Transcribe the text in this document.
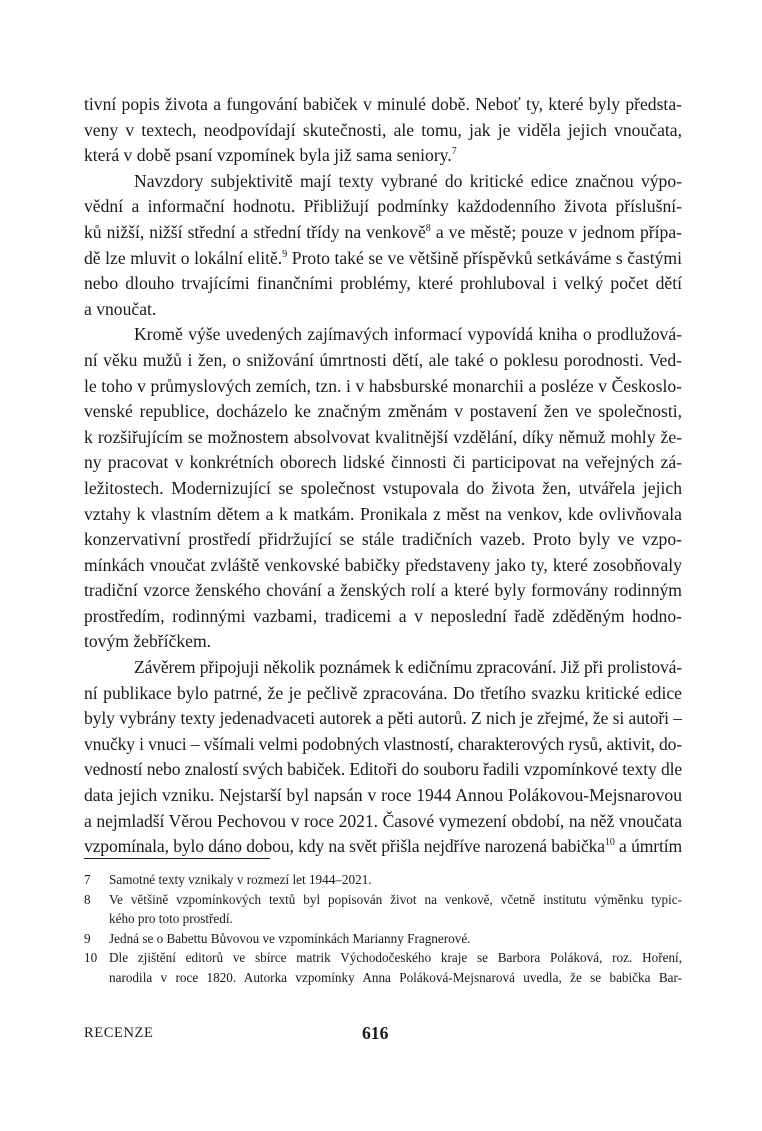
tivní popis života a fungování babiček v minulé době. Neboť ty, které byly předsta-
veny v textech, neodpovídají skutečnosti, ale tomu, jak je viděla jejich vnoučata,
která v době psaní vzpomínek byla již sama seniory.$^7$
Navzdory subjektivitě mají texty vybrané do kritické edice značnou výpo-
vědní a informační hodnotu. Přibližují podmínky každodenního života příslušní-
ků nižší, nižší střední a střední třídy na venkově$^8$ a ve městě; pouze v jednom přípa-
dě lze mluvit o lokální elitě.$^9$ Proto také se ve většině příspěvků setkáváme s častými
nebo dlouho trvajícími finančními problémy, které prohluboval i velký počet dětí
a vnoučat.
Kromě výše uvedených zajímavých informací vypovídá kniha o prodlužová-
ní věku mužů i žen, o snižování úmrtnosti dětí, ale také o poklesu porodnosti. Ved-
le toho v průmyslových zemích, tzn. i v habsburské monarchii a posléze v Českoslo-
venské republice, docházelo ke značným změnám v postavení žen ve společnosti,
k rozšiřujícím se možnostem absolvovat kvalitnější vzdělání, díky němuž mohly že-
ny pracovat v konkrétních oborech lidské činnosti či participovat na veřejných zá-
ležitostech. Modernizující se společnost vstupovala do života žen, utvářela jejich
vztahy k vlastním dětem a k matkám. Pronikala z měst na venkov, kde ovlivňovala
konzervativní prostředí přidržující se stále tradičních vazeb. Proto byly ve vzpo-
mínkách vnoučat zvláště venkovské babičky představeny jako ty, které zosobňovaly
tradiční vzorce ženského chování a ženských rolí a které byly formovány rodinným
prostředím, rodinnými vazbami, tradicemi a v neposlední řadě zděděným hodno-
tovým žebříčkem.
Závěrem připojuji několik poznámek k edičnímu zpracování. Již při prolistová-
ní publikace bylo patrné, že je pečlivě zpracována. Do třetího svazku kritické edice
byly vybrány texty jedenadvaceti autorek a pěti autorů. Z nich je zřejmé, že si autoři –
vnučky i vnuci – všímali velmi podobných vlastností, charakterových rysů, aktivit, do-
vedností nebo znalostí svých babiček. Editoři do souboru řadili vzpomínkové texty dle
data jejich vzniku. Nejstarší byl napsán v roce 1944 Annou Polákovou-Mejsnarovou
a nejmladší Věrou Pechovou v roce 2021. Časové vymezení období, na něž vnoučata
vzpomínala, bylo dáno dobou, kdy na svět přišla nejdříve narozená babička$^{10}$ a úmrtím
7	Samotné texty vznikaly v rozmezí let 1944–2021.
8	Ve většině vzpomínkových textů byl popisován život na venkově, včetně institutu výměnku typic-
kého pro toto prostředí.
9	Jedná se o Babettu Bůvovou ve vzpomínkách Marianny Fragnerové.
10 Dle zjištění editorů ve sbírce matrik Východočeského kraje se Barbora Poláková, roz. Hoření,
narodila v roce 1820. Autorka vzpomínky Anna Poláková-Mejsnarová uvedla, že se babička Bar-
RECENZE	616
